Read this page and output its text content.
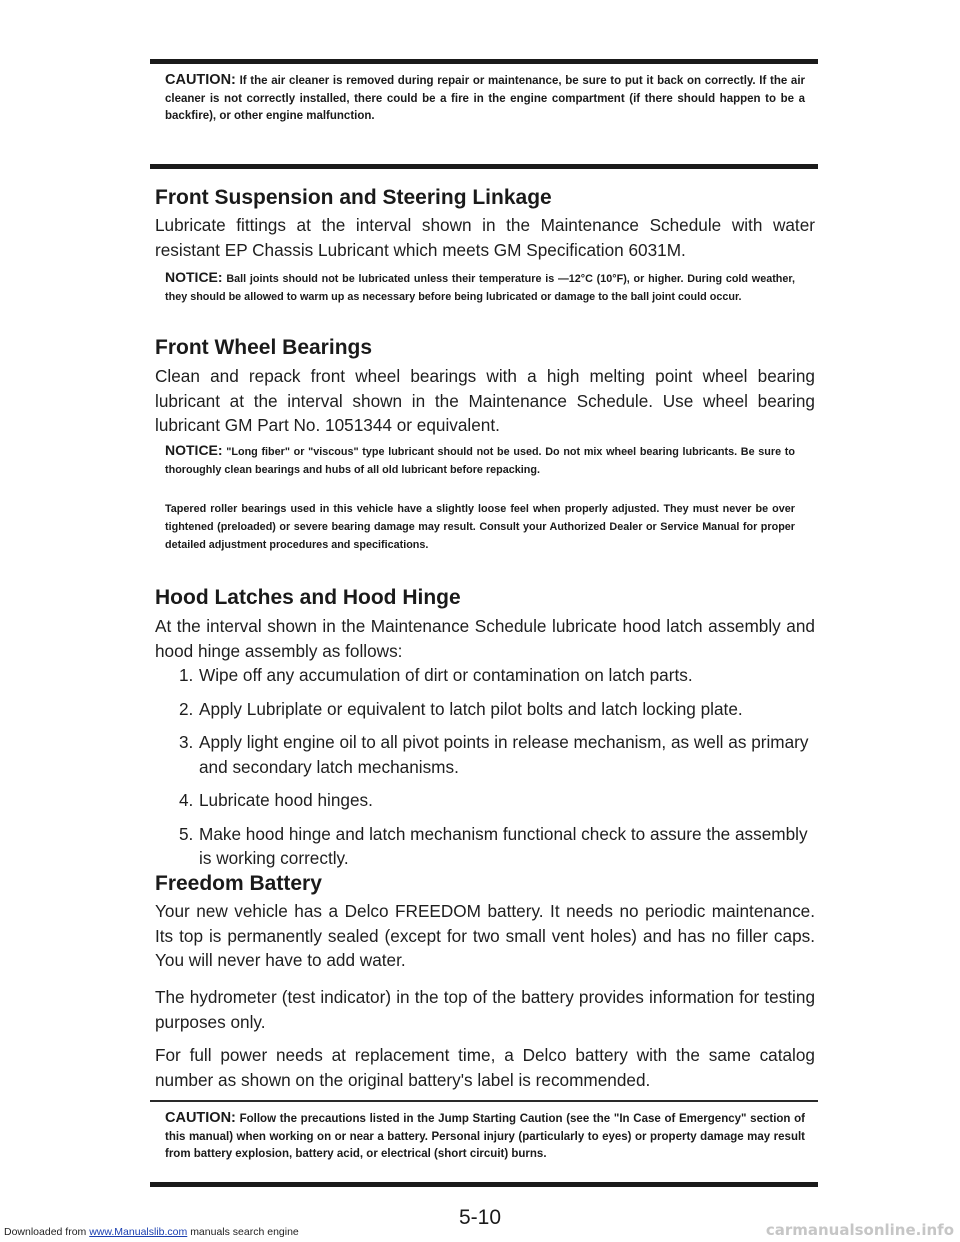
CAUTION: If the air cleaner is removed during repair or maintenance, be sure to put it back on correctly. If the air cleaner is not correctly installed, there could be a fire in the engine compartment (if there should happen to be a backfire), or other engine malfunction.
Front Suspension and Steering Linkage

Lubricate fittings at the interval shown in the Maintenance Schedule with water resistant EP Chassis Lubricant which meets GM Specification 6031M.

NOTICE: Ball joints should not be lubricated unless their temperature is —12°C (10°F), or higher. During cold weather, they should be allowed to warm up as necessary before being lubricated or damage to the ball joint could occur.
Front Wheel Bearings

Clean and repack front wheel bearings with a high melting point wheel bearing lubricant at the interval shown in the Maintenance Schedule. Use wheel bearing lubricant GM Part No. 1051344 or equivalent.

NOTICE: "Long fiber" or "viscous" type lubricant should not be used. Do not mix wheel bearing lubricants. Be sure to thoroughly clean bearings and hubs of all old lubricant before repacking.
Tapered roller bearings used in this vehicle have a slightly loose feel when properly adjusted. They must never be over tightened (preloaded) or severe bearing damage may result. Consult your Authorized Dealer or Service Manual for proper detailed adjustment procedures and specifications.
Hood Latches and Hood Hinge

At the interval shown in the Maintenance Schedule lubricate hood latch assembly and hood hinge assembly as follows:

1. Wipe off any accumulation of dirt or contamination on latch parts.
2. Apply Lubriplate or equivalent to latch pilot bolts and latch locking plate.
3. Apply light engine oil to all pivot points in release mechanism, as well as primary and secondary latch mechanisms.
4. Lubricate hood hinges.
5. Make hood hinge and latch mechanism functional check to assure the assembly is working correctly.
Freedom Battery

Your new vehicle has a Delco FREEDOM battery. It needs no periodic maintenance. Its top is permanently sealed (except for two small vent holes) and has no filler caps. You will never have to add water.

The hydrometer (test indicator) in the top of the battery provides information for testing purposes only.

For full power needs at replacement time, a Delco battery with the same catalog number as shown on the original battery's label is recommended.

CAUTION: Follow the precautions listed in the Jump Starting Caution (see the "In Case of Emergency" section of this manual) when working on or near a battery. Personal injury (particularly to eyes) or property damage may result from battery explosion, battery acid, or electrical (short circuit) burns.
5-10
Downloaded from www.Manualslib.com manuals search engine	carmanualsonline.info
